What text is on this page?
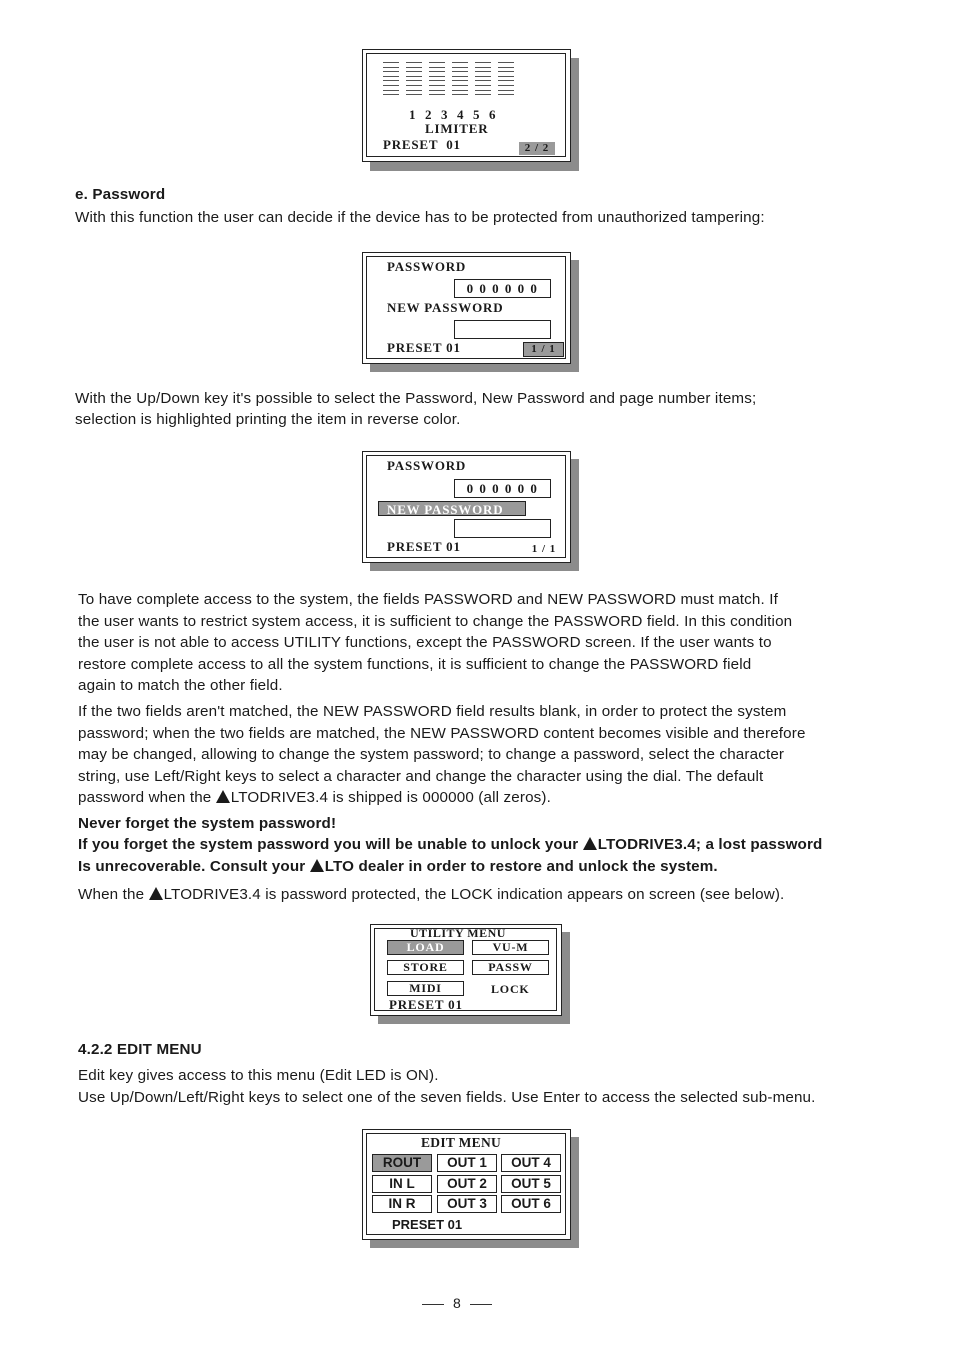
1  2  3  4  5  6
LIMITER
PRESET  01	2 / 2
e. Password
With this function the user can decide if the device has to be protected from unauthorized tampering:
PASSWORD
0 0 0 0 0 0
NEW PASSWORD
PRESET 01	1 / 1
With the Up/Down key it's possible to select the Password, New Password and page number items;
selection is highlighted printing the item in reverse color.
PASSWORD
0 0 0 0 0 0
NEW PASSWORD
PRESET 01	1 / 1
To have complete access to the system, the fields PASSWORD and NEW PASSWORD must match. If
the user wants to restrict system access, it is sufficient to change the PASSWORD field. In this condition
the user is not able to access UTILITY functions, except the PASSWORD screen. If the user wants to
restore complete access to all the system functions, it is sufficient to change the PASSWORD field
again to match the other field.
If the two fields aren't matched, the NEW PASSWORD field results blank, in order to protect the system
password; when the two fields are matched, the NEW PASSWORD content becomes visible and therefore
may be changed, allowing to change the system password; to change a password, select the character
string, use Left/Right keys to select a character and change the character using the dial. The default
password when the LTODRIVE3.4 is shipped is 000000 (all zeros).
Never forget the system password!
If you forget the system password you will be unable to unlock your LTODRIVE3.4; a lost password
Is unrecoverable. Consult your LTO dealer in order to restore and unlock the system.
When the LTODRIVE3.4 is password protected, the LOCK indication appears on screen (see below).
UTILITY MENU
LOAD	VU-M
STORE	PASSW
MIDI	LOCK
PRESET 01
4.2.2 EDIT MENU
Edit key gives access to this menu (Edit LED is ON).
Use Up/Down/Left/Right keys to select one of the seven fields. Use Enter to access the selected sub-menu.
EDIT MENU
ROUT	OUT 1	OUT 4
IN L	OUT 2	OUT 5
IN R	OUT 3	OUT 6
PRESET 01
8
